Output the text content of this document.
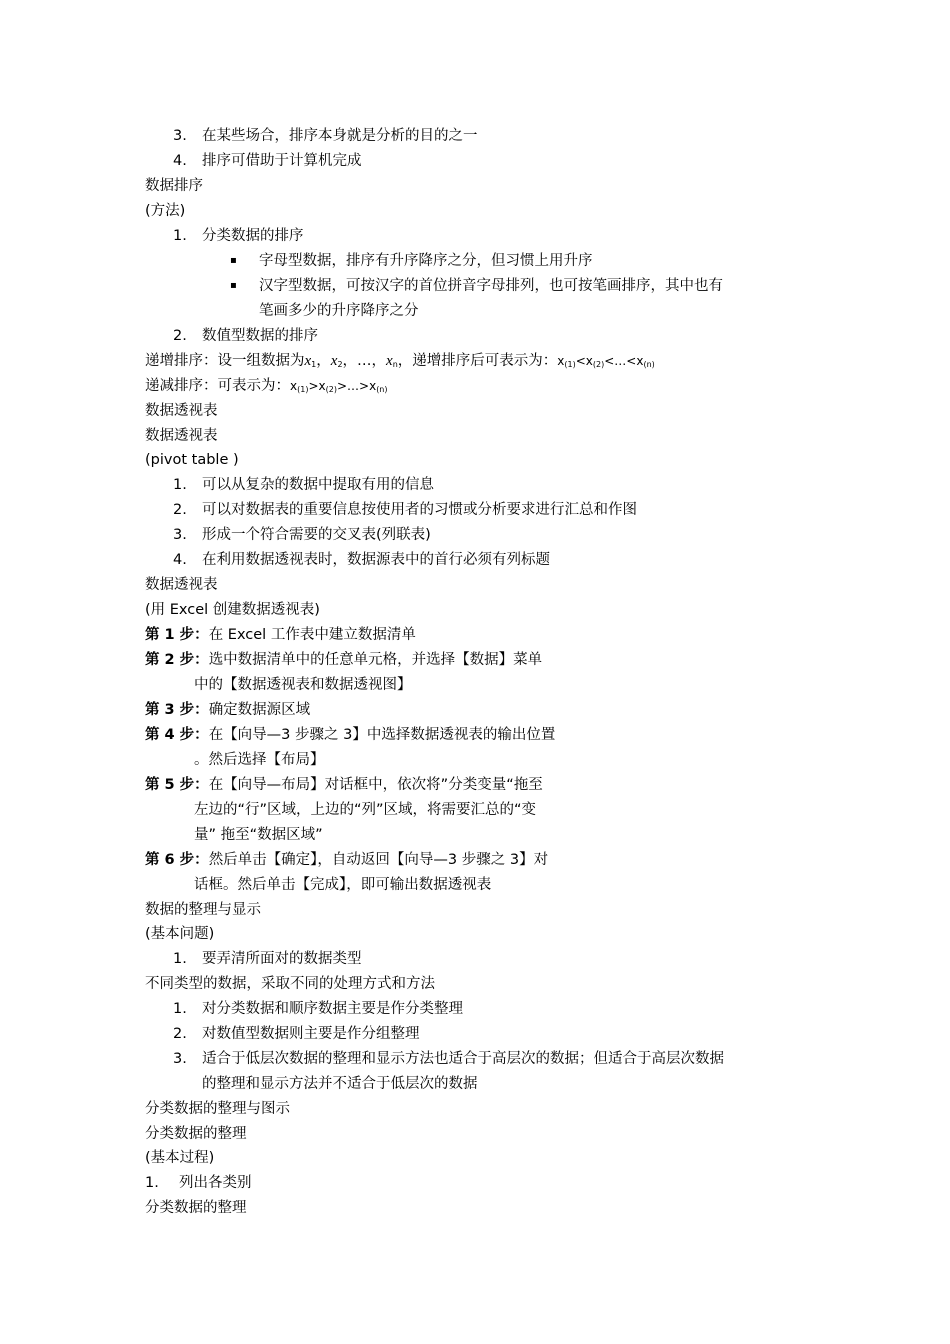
3. 在某些场合，排序本身就是分析的目的之一
4. 排序可借助于计算机完成
数据排序
(方法)
1. 分类数据的排序
▪ 字母型数据，排序有升序降序之分，但习惯上用升序
▪ 汉字型数据，可按汉字的首位拼音字母排列，也可按笔画排序，其中也有
笔画多少的升序降序之分
2. 数值型数据的排序
递增排序：设一组数据为$x_1$，$x_2$，…，$x_n$，递增排序后可表示为：$x_{(1)}<x_{(2)}<\dots<x_{(n)}$
递减排序：可表示为：$x_{(1)}>x_{(2)}>\dots>x_{(n)}$
数据透视表
数据透视表
(pivot table )
1. 可以从复杂的数据中提取有用的信息
2. 可以对数据表的重要信息按使用者的习惯或分析要求进行汇总和作图
3. 形成一个符合需要的交叉表(列联表)
4. 在利用数据透视表时，数据源表中的首行必须有列标题
数据透视表
(用 Excel 创建数据透视表)
第 1 步：在 Excel 工作表中建立数据清单
第 2 步：选中数据清单中的任意单元格，并选择【数据】菜单
中的【数据透视表和数据透视图】
第 3 步：确定数据源区域
第 4 步：在【向导—3 步骤之 3】中选择数据透视表的输出位置
。然后选择【布局】
第 5 步：在【向导—布局】对话框中，依次将”分类变量“拖至
左边的“行”区域，上边的“列”区域，将需要汇总的“变
量” 拖至“数据区域”
第 6 步：然后单击【确定】，自动返回【向导—3 步骤之 3】对
话框。然后单击【完成】，即可输出数据透视表
数据的整理与显示
(基本问题)
1. 要弄清所面对的数据类型
不同类型的数据，采取不同的处理方式和方法
1. 对分类数据和顺序数据主要是作分类整理
2. 对数值型数据则主要是作分组整理
3. 适合于低层次数据的整理和显示方法也适合于高层次的数据；但适合于高层次数据
的整理和显示方法并不适合于低层次的数据
分类数据的整理与图示
分类数据的整理
(基本过程)
1. 列出各类别
分类数据的整理
